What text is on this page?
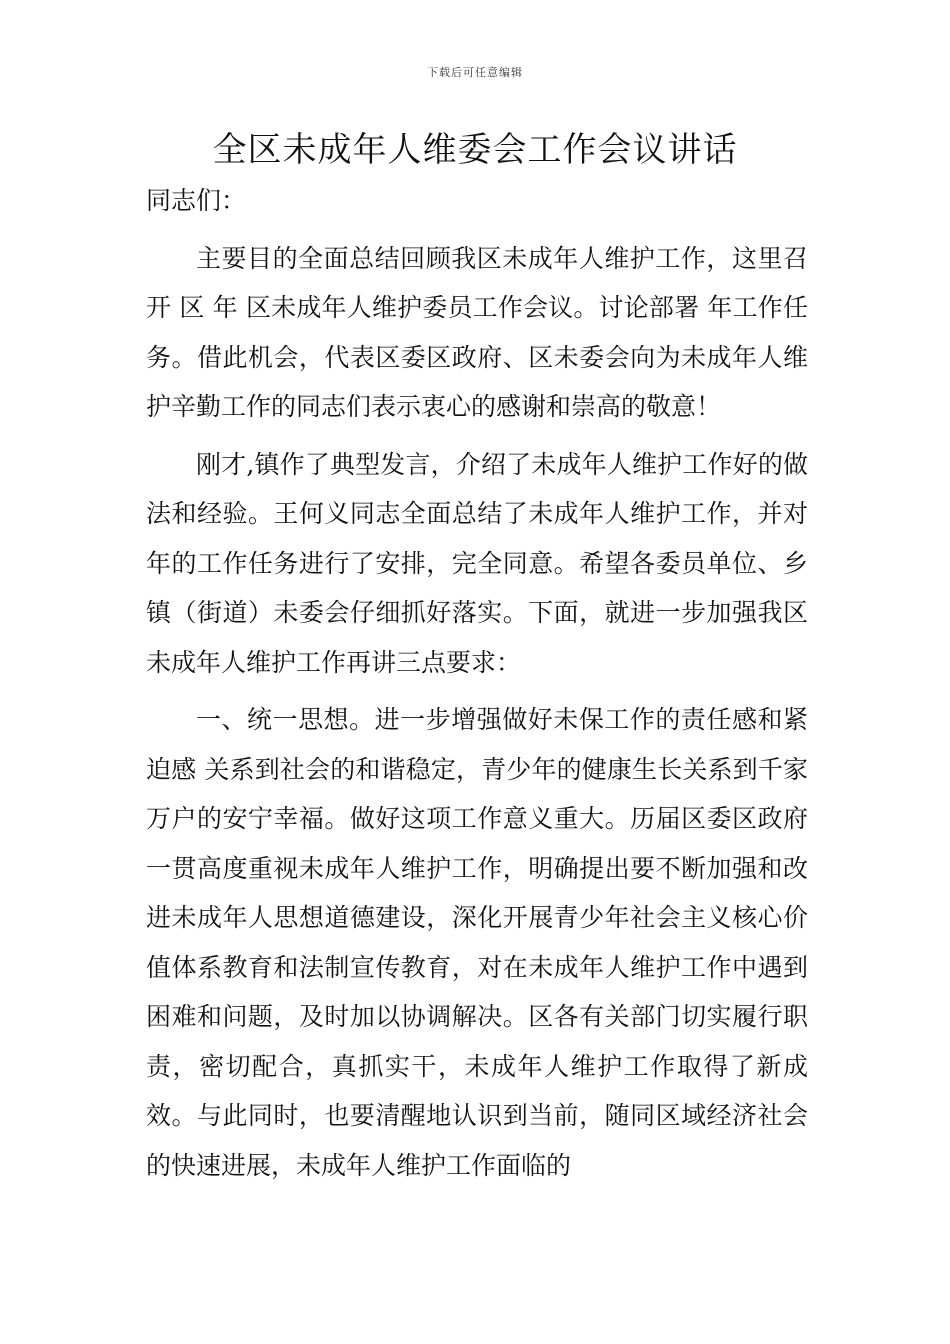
下载后可任意编辑
全区未成年人维委会工作会议讲话

同志们：

主要目的全面总结回顾我区未成年人维护工作，这里召开 区 年 区未成年人维护委员工作会议。讨论部署 年工作任务。借此机会，代表区委区政府、区未委会向为未成年人维护辛勤工作的同志们表示衷心的感谢和崇高的敬意！

刚才,镇作了典型发言，介绍了未成年人维护工作好的做法和经验。王何义同志全面总结了未成年人维护工作，并对 年的工作任务进行了安排，完全同意。希望各委员单位、乡镇（街道）未委会仔细抓好落实。下面，就进一步加强我区未成年人维护工作再讲三点要求：

一、统一思想。进一步增强做好未保工作的责任感和紧迫感 关系到社会的和谐稳定，青少年的健康生长关系到千家万户的安宁幸福。做好这项工作意义重大。历届区委区政府一贯高度重视未成年人维护工作，明确提出要不断加强和改进未成年人思想道德建设，深化开展青少年社会主义核心价值体系教育和法制宣传教育，对在未成年人维护工作中遇到困难和问题，及时加以协调解决。区各有关部门切实履行职责，密切配合，真抓实干，未成年人维护工作取得了新成效。与此同时，也要清醒地认识到当前，随同区域经济社会的快速进展，未成年人维护工作面临的
